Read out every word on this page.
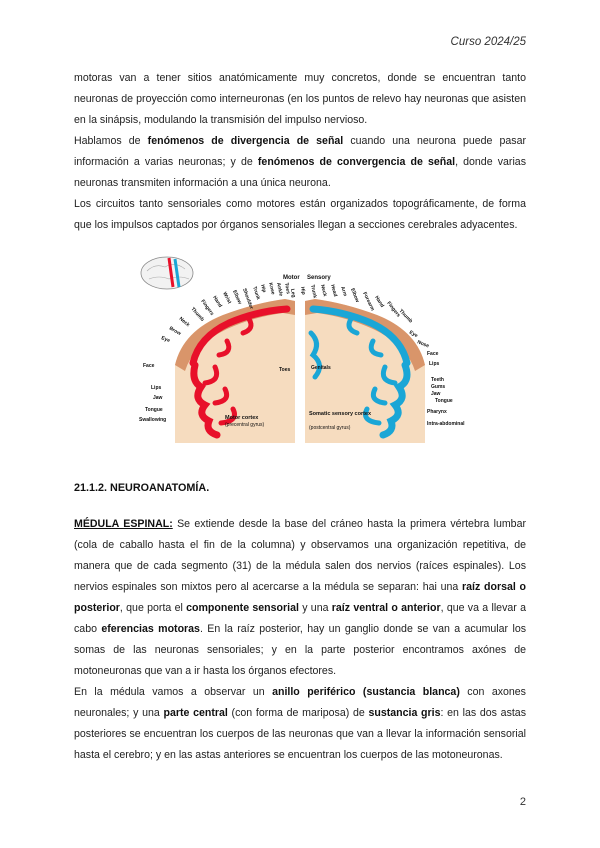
Curso 2024/25

motoras van a tener sitios anatómicamente muy concretos, donde se encuentran tanto neuronas de proyección como interneuronas (en los puntos de relevo hay neuronas que asisten en la sinápsis, modulando la transmisión del impulso nervioso.

Hablamos de fenómenos de divergencia de señal cuando una neurona puede pasar información a varias neuronas; y de fenómenos de convergencia de señal, donde varias neuronas transmiten información a una única neurona.

Los circuitos tanto sensoriales como motores están organizados topográficamente, de forma que los impulsos captados por órganos sensoriales llegan a secciones cerebrales adyacentes.

Motor Sensory
Toes
Ankle
Knee
Hip
Trunk
Shoulder
Elbow
Wrist
Hand
Fingers
Thumb
Neck
Brow
Eye
Face
Lips
Jaw
Tongue
Swallowing
Leg Hip Trunk Neck Head Arm Elbow Forearm
Hand Fingers
Thumb
Eye
Nose
Face
Lips
Teeth
Gums
Jaw
Tongue
Pharynx
Intra-abdominal
Toes	Genitals
Motor cortex
(precentral gyrus)
Somatic sensory cortex
(postcentral gyrus)
21.1.2. NEUROANATOMÍA.

MÉDULA ESPINAL: Se extiende desde la base del cráneo hasta la primera vértebra lumbar (cola de caballo hasta el fin de la columna) y observamos una organización repetitiva, de manera que de cada segmento (31) de la médula salen dos nervios (raíces espinales). Los nervios espinales son mixtos pero al acercarse a la médula se separan: hai una raíz dorsal o posterior, que porta el componente sensorial y una raíz ventral o anterior, que va a llevar a cabo eferencias motoras. En la raíz posterior, hay un ganglio donde se van a acumular los somas de las neuronas sensoriales; y en la parte posterior encontramos axónes de motoneuronas que van a ir hasta los órganos efectores.

En la médula vamos a observar un anillo periférico (sustancia blanca) con axones neuronales; y una parte central (con forma de mariposa) de sustancia gris: en las dos astas posteriores se encuentran los cuerpos de las neuronas que van a llevar la información sensorial hasta el cerebro; y en las astas anteriores se encuentran los cuerpos de las motoneuronas.

2
